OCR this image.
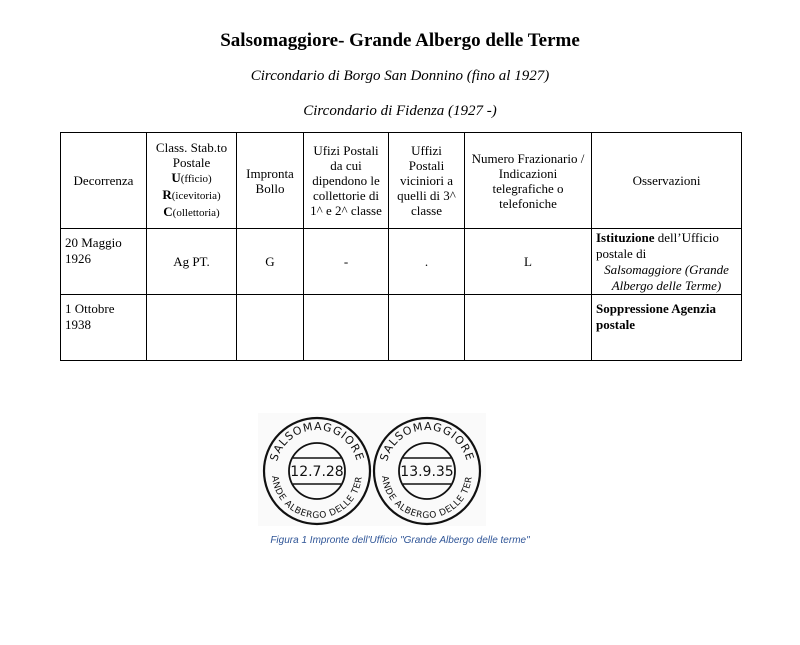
Salsomaggiore- Grande Albergo delle Terme
Circondario di Borgo San Donnino (fino al 1927)
Circondario di Fidenza (1927 -)
Decorrenza	Class. Stab.to
Postale
U(fficio)
R(icevitoria)
C(ollettoria)	Impronta Bollo	Ufizi Postali da cui dipendono le collettorie di 1^ e 2^ classe	Uffizi Postali viciniori a quelli di 3^ classe	Numero Frazionario / Indicazioni telegrafiche o telefoniche	Osservazioni
20 Maggio 1926	Ag PT.	G	-	.	L	Istituzione dell’Ufficio postale di
Salsomaggiore (Grande Albergo delle Terme)

1 Ottobre 1938						Soppressione Agenzia postale
SALSOMAGGIORE
ANDE ALBERGO DELLE TER
12.7.28
SALSOMAGGIORE
ANDE ALBERGO DELLE TER
13.9.35
Figura 1 Impronte dell'Ufficio "Grande Albergo delle terme"
